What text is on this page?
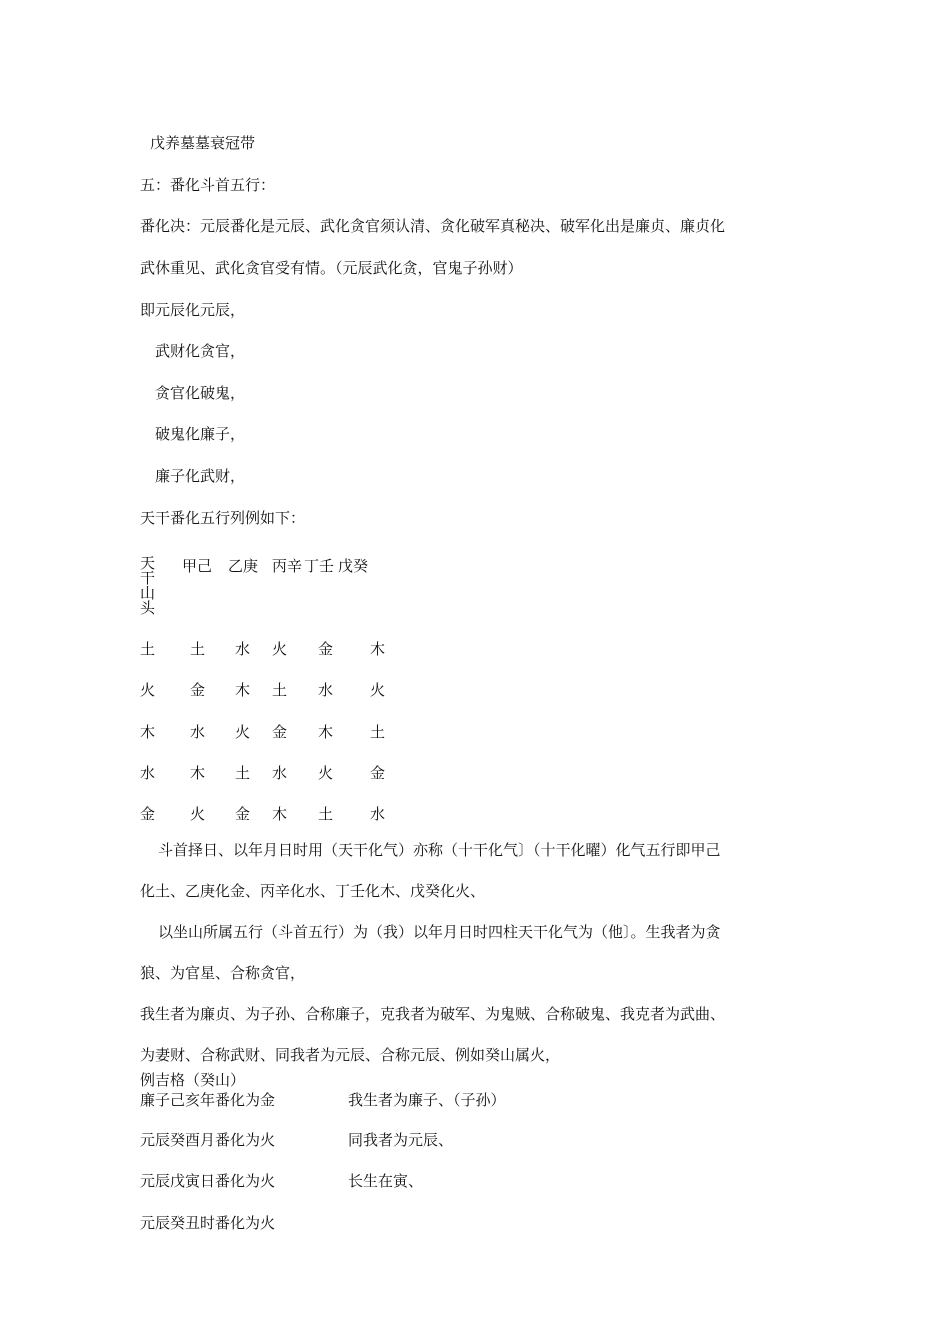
戊养墓墓衰冠带
五：番化斗首五行：
番化决：元辰番化是元辰、武化贪官须认清、贪化破军真秘决、破军化出是廉贞、廉贞化
武休重见、武化贪官受有情。（元辰武化贪，官鬼子孙财）
即元辰化元辰，
武财化贪官，
贪官化破鬼，
破鬼化廉子，
廉子化武财，
天干番化五行列例如下：
天干山头
甲己 乙庚 丙辛 丁壬 戊癸
土 土 水 火 金 木
火 金 木 土 水 火
木 水 火 金 木 土
水 木 土 水 火 金
金 火 金 木 土 水
斗首择日、以年月日时用（天干化气）亦称（十干化气〕（十干化曜）化气五行即甲己
化土、乙庚化金、丙辛化水、丁壬化木、戊癸化火、
以坐山所属五行（斗首五行）为（我）以年月日时四柱天干化气为（他〕。生我者为贪
狼、为官星、合称贪官，
我生者为廉贞、为子孙、合称廉子，克我者为破军、为鬼贼、合称破鬼、我克者为武曲、
为妻财、合称武财、同我者为元辰、合称元辰、例如癸山属火，
例吉格（癸山）
廉子己亥年番化为金
元辰癸酉月番化为火
元辰戊寅日番化为火
元辰癸丑时番化为火
我生者为廉子、（子孙）
同我者为元辰、
长生在寅、
